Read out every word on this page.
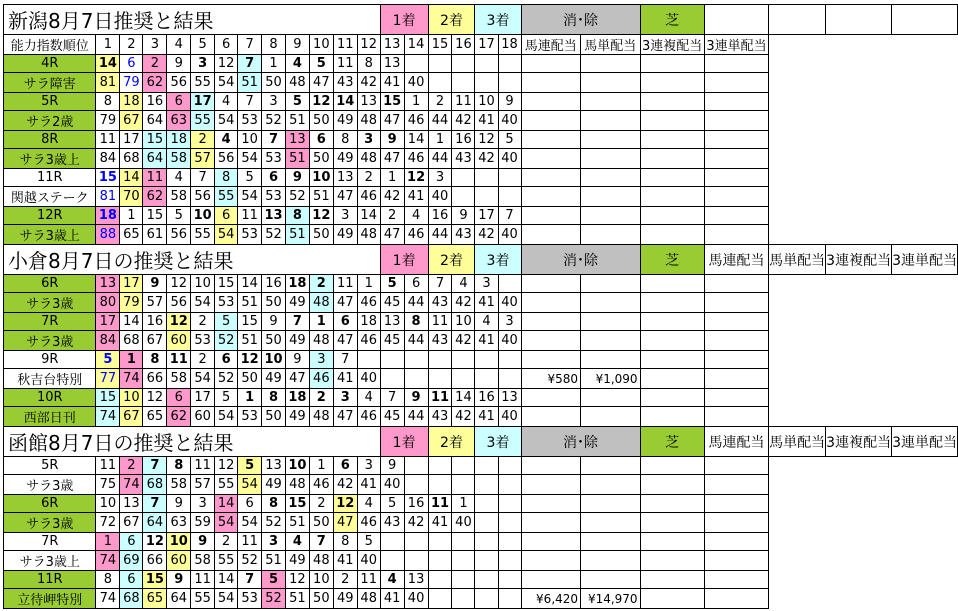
新潟8月7日推奨と結果													1着		2着		3着		消･除		芝				
能力指数順位	1	2	3	4	5	6	7	8	9	10	11	12	13	14	15	16	17	18	馬連配当	馬単配当	3連複配当	3連単配当			
4R	14	6	2	9	3	12	7	1	4	5	11	8	13												
サラ障害	81	79	62	56	55	54	51	50	48	47	43	42	41	40											
5R	8	18	16	6	17	4	7	3	5	12	14	13	15	1	2	11	10	9							
サラ2歳	79	67	64	63	55	54	53	52	51	50	49	48	47	46	44	42	41	40							
8R	11	17	15	18	2	4	10	7	13	6	8	3	9	14	1	16	12	5							
サラ3歳上	84	68	64	58	57	56	54	53	51	50	49	48	47	46	44	43	42	40							
11R	15	14	11	4	7	8	5	6	9	10	13	2	1	12	3										
関越ステーク	81	70	62	58	56	55	54	53	52	51	47	46	42	41	40										
12R	18	1	15	5	10	6	11	13	8	12	3	14	2	4	16	9	17	7							
サラ3歳上	88	65	61	56	55	54	53	52	51	50	49	48	47	46	44	43	42	40							
小倉8月7日の推奨と結果													1着		2着		3着		消･除		芝	馬連配当	馬単配当	3連複配当	3連単配当
6R	13	17	9	12	10	15	14	16	18	2	11	1	5	6	7	4	3								
サラ3歳	80	79	57	56	54	53	51	50	49	48	47	46	45	44	43	42	41	40							
7R	17	14	16	12	2	5	15	9	7	1	6	18	13	8	11	10	4	3							
サラ3歳	84	68	67	60	53	52	51	50	49	48	47	46	45	44	43	42	41	40							
9R	5	1	8	11	2	6	12	10	9	3	7														
秋吉台特別	77	74	66	58	54	52	50	49	47	46	41	40							¥580	¥1,090					
10R	15	10	12	6	17	5	1	8	18	2	3	4	7	9	11	14	16	13							
西部日刊	74	67	65	62	60	54	53	50	49	48	47	46	45	44	43	42	41	40							
函館8月7日の推奨と結果													1着		2着		3着		消･除		芝	馬連配当	馬単配当	3連複配当	3連単配当
5R	11	2	7	8	11	12	5	13	10	1	6	3	9												
サラ3歳	75	74	68	58	57	55	54	49	48	46	42	41	40												
6R	10	13	7	9	3	14	6	8	15	2	12	4	5	16	11	1									
サラ3歳	72	67	64	63	59	54	54	52	51	50	47	46	43	42	41	40									
7R	1	6	12	10	9	2	11	3	4	7	8	5													
サラ3歳上	74	69	66	60	58	55	52	51	49	48	41	40													
11R	8	6	15	9	11	14	7	5	12	10	2	11	4	13											
立待岬特別	74	68	65	64	55	54	53	52	51	50	49	48	41	40					¥6,420	¥14,970					
